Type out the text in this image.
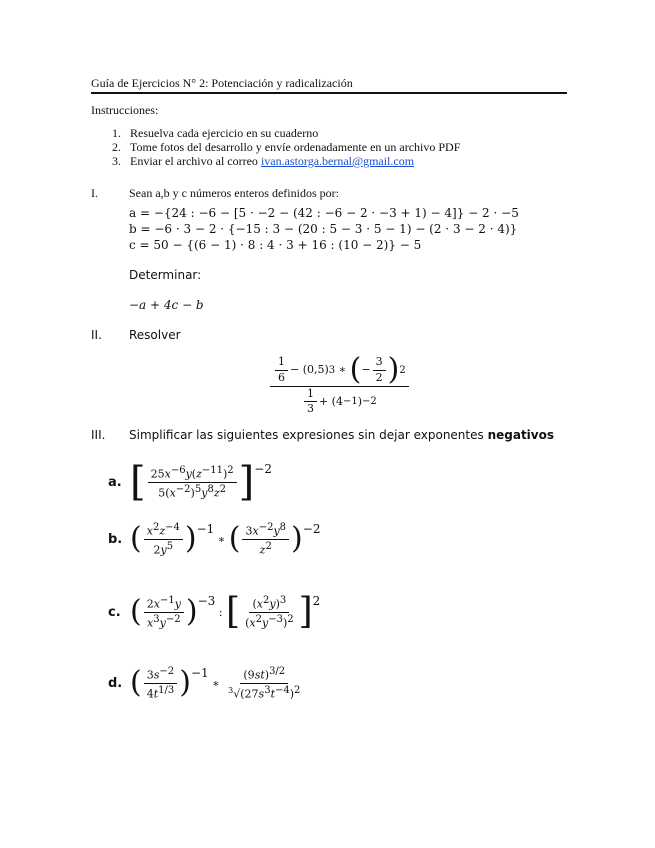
Guía de Ejercicios N° 2: Potenciación y radicalización
Instrucciones:
1. Resuelva cada ejercicio en su cuaderno
2. Tome fotos del desarrollo y envíe ordenadamente en un archivo PDF
3. Enviar el archivo al correo ivan.astorga.bernal@gmail.com
I.	Sean a,b y c números enteros definidos por:
a = −{24 : −6 − [5 · −2 − (42 : −6 − 2 · −3 + 1) − 4]} − 2 · −5
b = −6 · 3 − 2 · {−15 : 3 − (20 : 5 − 3 · 5 − 1) − (2 · 3 − 2 · 4)}
c = 50 − {(6 − 1) · 8 : 4 · 3 + 16 : (10 − 2)} − 5
Determinar:
−a + 4c − b
II. Resolver
$\frac{\frac{1}{6} - (0,5) 3 ∗ ( - \frac{3}{2} ) 2}{\frac{1}{3} + (4 -1 ) -2}$
III. Simplificar las siguientes expresiones sin dejar exponentes negativos
a. [ $\frac{25x-6y(z-11)2}{5(x-2)5y8z2}$ ] −2
b. ( $\frac{x2z-4}{2y5}$ ) −1
∗ ( $\frac{3x-2y8}{z2}$ ) −2
c. ( $\frac{2x-1y}{x3y-2}$ ) −3
: [ $\frac{(x2y)3}{(x2y-3)2}$ ] 2
d. ( $\frac{3s-2}{4t1/3}$ ) −1
∗ $\frac{(9st)3/2}{^3√(27s3t-4)2}$
